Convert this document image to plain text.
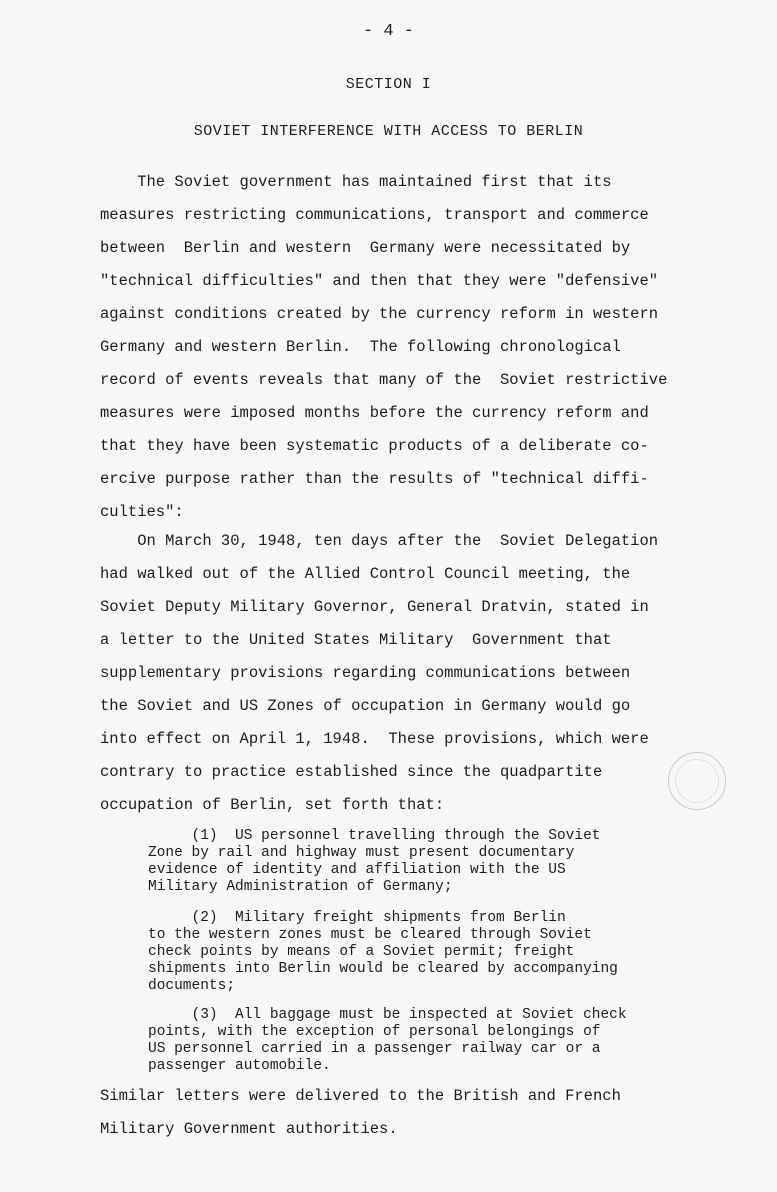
- 4 -
SECTION I
SOVIET INTERFERENCE WITH ACCESS TO BERLIN
The Soviet government has maintained first that its
measures restricting communications, transport and commerce
between  Berlin and western  Germany were necessitated by
"technical difficulties" and then that they were "defensive"
against conditions created by the currency reform in western
Germany and western Berlin.  The following chronological
record of events reveals that many of the  Soviet restrictive
measures were imposed months before the currency reform and
that they have been systematic products of a deliberate co-
ercive purpose rather than the results of "technical diffi-
culties":
On March 30, 1948, ten days after the  Soviet Delegation
had walked out of the Allied Control Council meeting, the
Soviet Deputy Military Governor, General Dratvin, stated in
a letter to the United States Military  Government that
supplementary provisions regarding communications between
the Soviet and US Zones of occupation in Germany would go
into effect on April 1, 1948.  These provisions, which were
contrary to practice established since the quadpartite
occupation of Berlin, set forth that:
(1)  US personnel travelling through the Soviet
Zone by rail and highway must present documentary
evidence of identity and affiliation with the US
Military Administration of Germany;
(2)  Military freight shipments from Berlin
to the western zones must be cleared through Soviet
check points by means of a Soviet permit; freight
shipments into Berlin would be cleared by accompanying
documents;
(3)  All baggage must be inspected at Soviet check
points, with the exception of personal belongings of
US personnel carried in a passenger railway car or a
passenger automobile.
Similar letters were delivered to the British and French
Military Government authorities.
